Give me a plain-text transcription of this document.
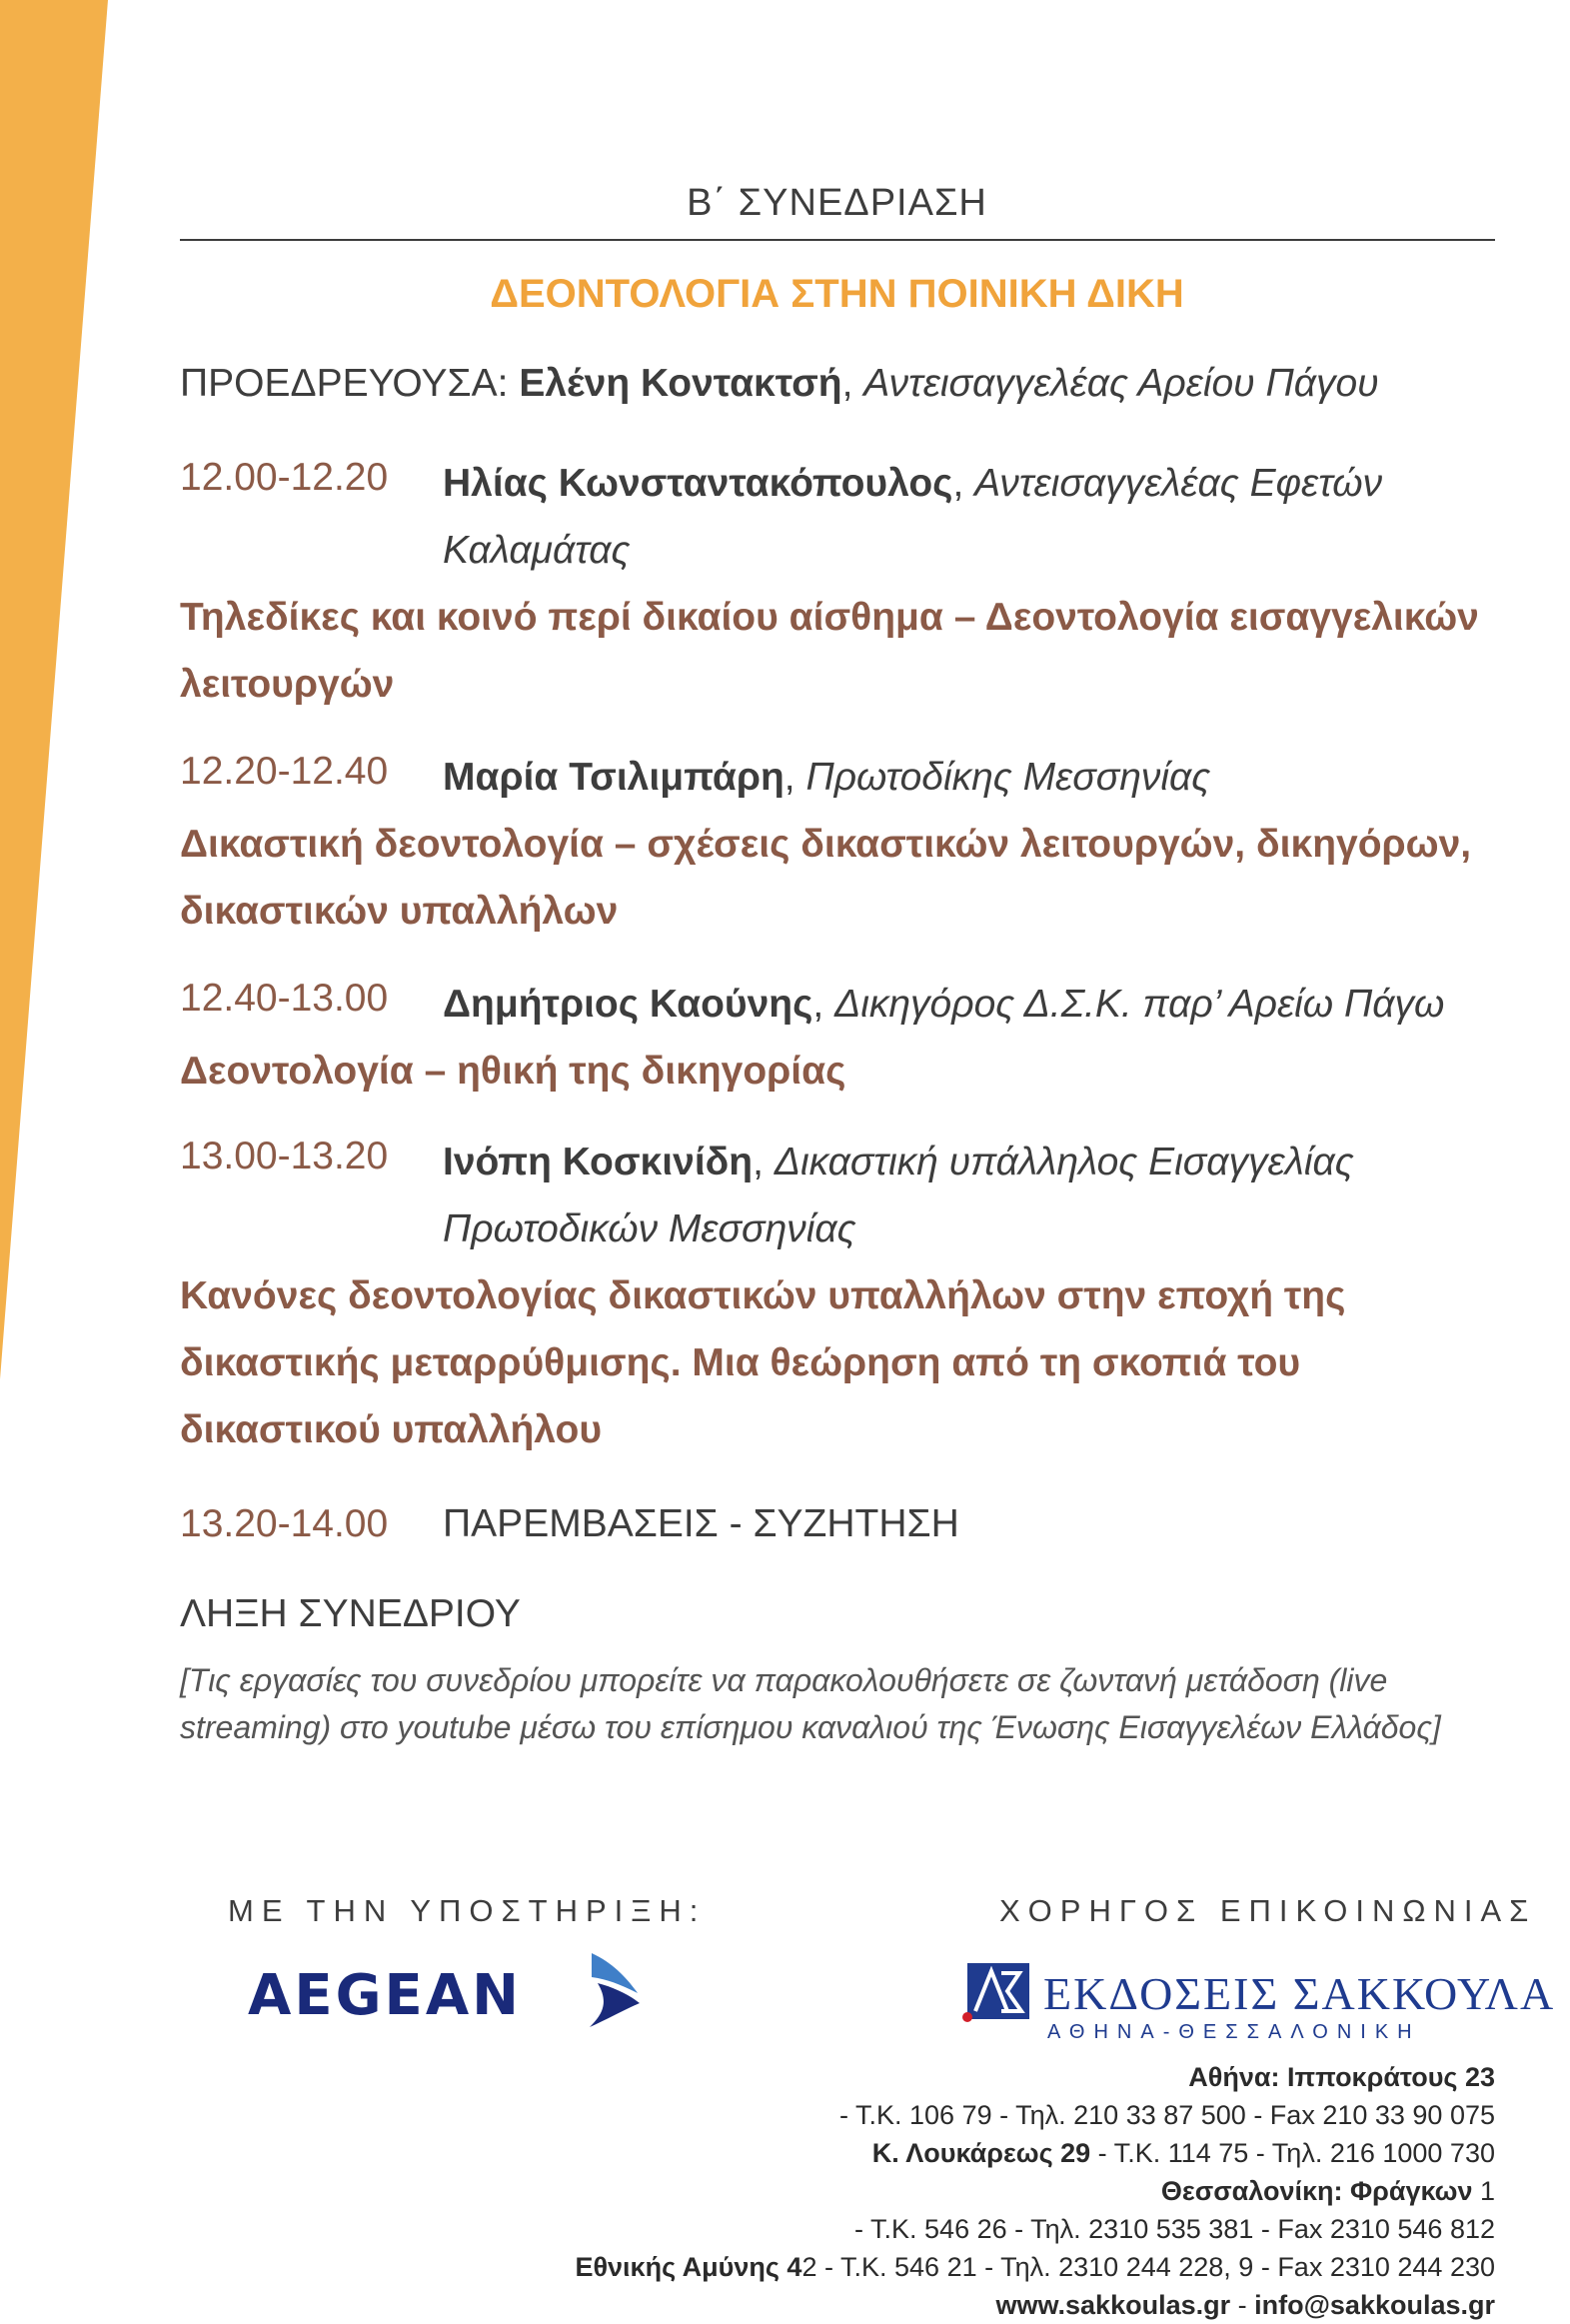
Β΄ ΣΥΝΕΔΡΙΑΣΗ
ΔΕΟΝΤΟΛΟΓΙΑ ΣΤΗΝ ΠΟΙΝΙΚΗ ΔΙΚΗ
ΠΡΟΕΔΡΕΥΟΥΣΑ: Ελένη Κοντακτσή, Αντεισαγγελέας Αρείου Πάγου
12.00-12.20 Ηλίας Κωνσταντακόπουλος, Αντεισαγγελέας Εφετών Καλαμάτας
Τηλεδίκες και κοινό περί δικαίου αίσθημα – Δεοντολογία εισαγγελικών λειτουργών
12.20-12.40 Μαρία Τσιλιμπάρη, Πρωτοδίκης Μεσσηνίας
Δικαστική δεοντολογία – σχέσεις δικαστικών λειτουργών, δικηγόρων, δικαστικών υπαλλήλων
12.40-13.00 Δημήτριος Καούνης, Δικηγόρος Δ.Σ.Κ. παρ’ Αρείω Πάγω
Δεοντολογία – ηθική της δικηγορίας
13.00-13.20 Ινόπη Κοσκινίδη, Δικαστική υπάλληλος Εισαγγελίας Πρωτοδικών Μεσσηνίας
Κανόνες δεοντολογίας δικαστικών υπαλλήλων στην εποχή της δικαστικής μεταρρύθμισης. Μια θεώρηση από τη σκοπιά του δικαστικού υπαλλήλου
13.20-14.00 ΠΑΡΕΜΒΑΣΕΙΣ - ΣΥΖΗΤΗΣΗ
ΛΗΞΗ ΣΥΝΕΔΡΙΟΥ
[Τις εργασίες του συνεδρίου μπορείτε να παρακολουθήσετε σε ζωντανή μετάδοση (live streaming) στο youtube μέσω του επίσημου καναλιού της Ένωσης Εισαγγελέων Ελλάδος]
ΜΕ ΤΗΝ ΥΠΟΣΤΗΡΙΞΗ:
AEGEAN
ΧΟΡΗΓΟΣ ΕΠΙΚΟΙΝΩΝΙΑΣ
ΕΚΔΟΣΕΙΣ ΣΑΚΚΟΥΛΑ
ΑΘΗΝΑ-ΘΕΣΣΑΛΟΝΙΚΗ
Αθήνα: Ιπποκράτους 23
- Τ.Κ. 106 79 - Τηλ. 210 33 87 500 - Fax 210 33 90 075
Κ. Λουκάρεως 29 - Τ.Κ. 114 75 - Τηλ. 216 1000 730
Θεσσαλονίκη: Φράγκων 1
- Τ.Κ. 546 26 - Τηλ. 2310 535 381 - Fax 2310 546 812
Εθνικής Αμύνης 42 - Τ.Κ. 546 21 - Τηλ. 2310 244 228, 9 - Fax 2310 244 230
www.sakkoulas.gr - info@sakkoulas.gr
